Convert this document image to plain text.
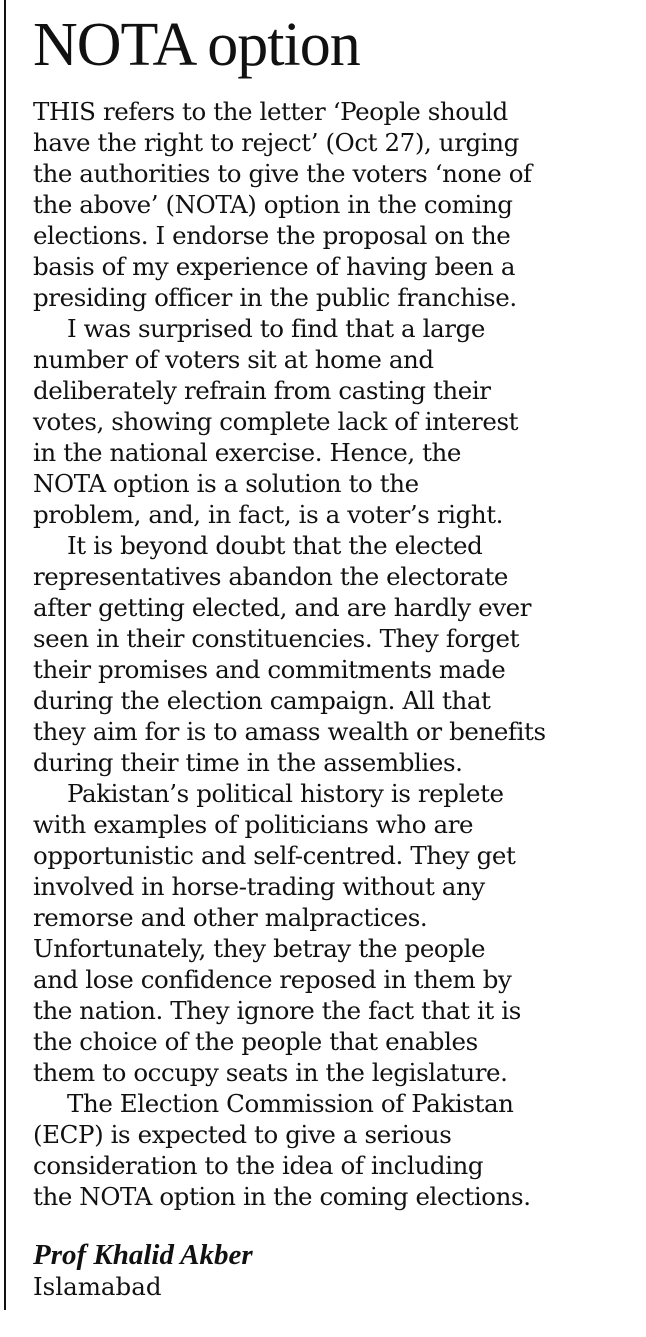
NOTA option

THIS refers to the letter ‘People should
have the right to reject’ (Oct 27), urging
the authorities to give the voters ‘none of
the above’ (NOTA) option in the coming
elections. I endorse the proposal on the
basis of my experience of having been a
presiding officer in the public franchise.

I was surprised to find that a large
number of voters sit at home and
deliberately refrain from casting their
votes, showing complete lack of interest
in the national exercise. Hence, the
NOTA option is a solution to the
problem, and, in fact, is a voter’s right.

It is beyond doubt that the elected
representatives abandon the electorate
after getting elected, and are hardly ever
seen in their constituencies. They forget
their promises and commitments made
during the election campaign. All that
they aim for is to amass wealth or benefits
during their time in the assemblies.

Pakistan’s political history is replete
with examples of politicians who are
opportunistic and self-centred. They get
involved in horse-trading without any
remorse and other malpractices.
Unfortunately, they betray the people
and lose confidence reposed in them by
the nation. They ignore the fact that it is
the choice of the people that enables
them to occupy seats in the legislature.

The Election Commission of Pakistan
(ECP) is expected to give a serious
consideration to the idea of including
the NOTA option in the coming elections.

Prof Khalid Akber
Islamabad
